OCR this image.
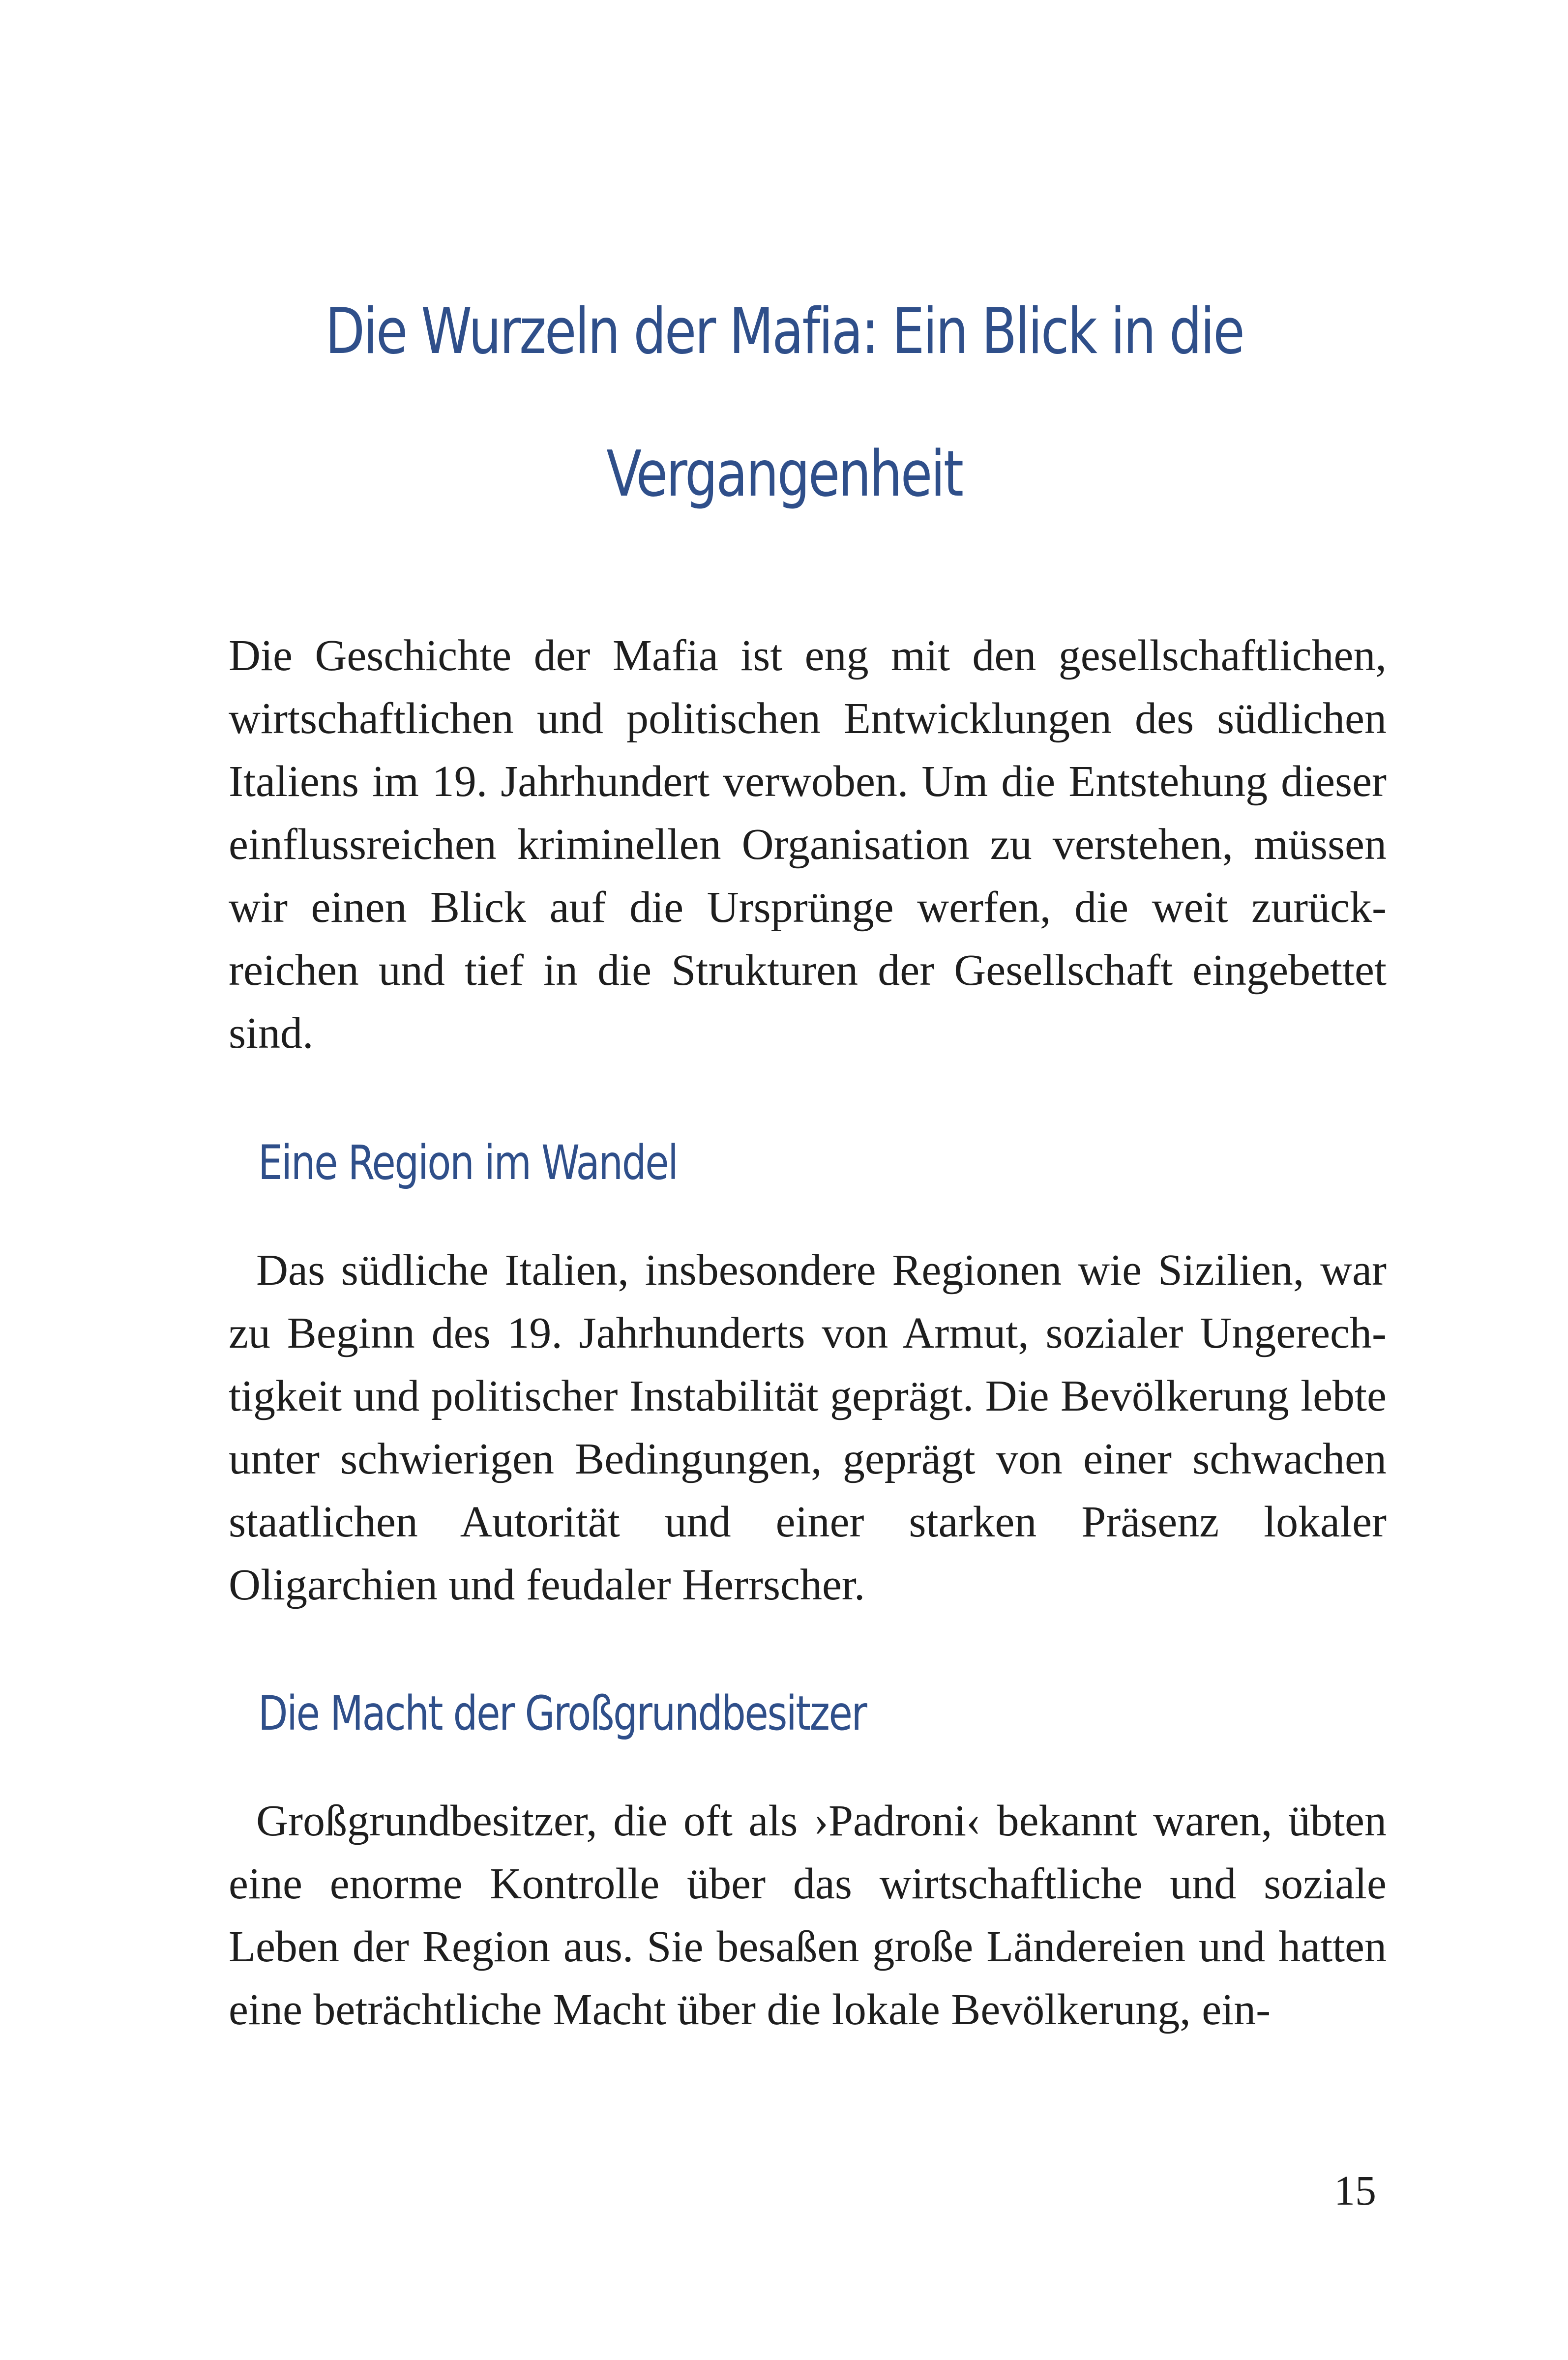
Die Wurzeln der Mafia: Ein Blick in die Vergangenheit

Die Geschichte der Mafia ist eng mit den gesellschaftlichen, wirtschaftlichen und politischen Entwicklungen des südlichen Italiens im 19. Jahrhundert verwoben. Um die Entstehung dieser einflussreichen kriminellen Organisation zu verstehen, müssen wir einen Blick auf die Ursprünge werfen, die weit zurückreichen und tief in die Strukturen der Gesellschaft eingebettet sind.

Eine Region im Wandel

Das südliche Italien, insbesondere Regionen wie Sizilien, war zu Beginn des 19. Jahrhunderts von Armut, sozialer Ungerechtigkeit und politischer Instabilität geprägt. Die Bevölkerung lebte unter schwierigen Bedingungen, geprägt von einer schwachen staatlichen Autorität und einer starken Präsenz lokaler Oligarchien und feudaler Herrscher.

Die Macht der Großgrundbesitzer

Großgrundbesitzer, die oft als ›Padroni‹ bekannt waren, übten eine enorme Kontrolle über das wirtschaftliche und soziale Leben der Region aus. Sie besaßen große Ländereien und hatten eine beträchtliche Macht über die lokale Bevölkerung, ein-

15
